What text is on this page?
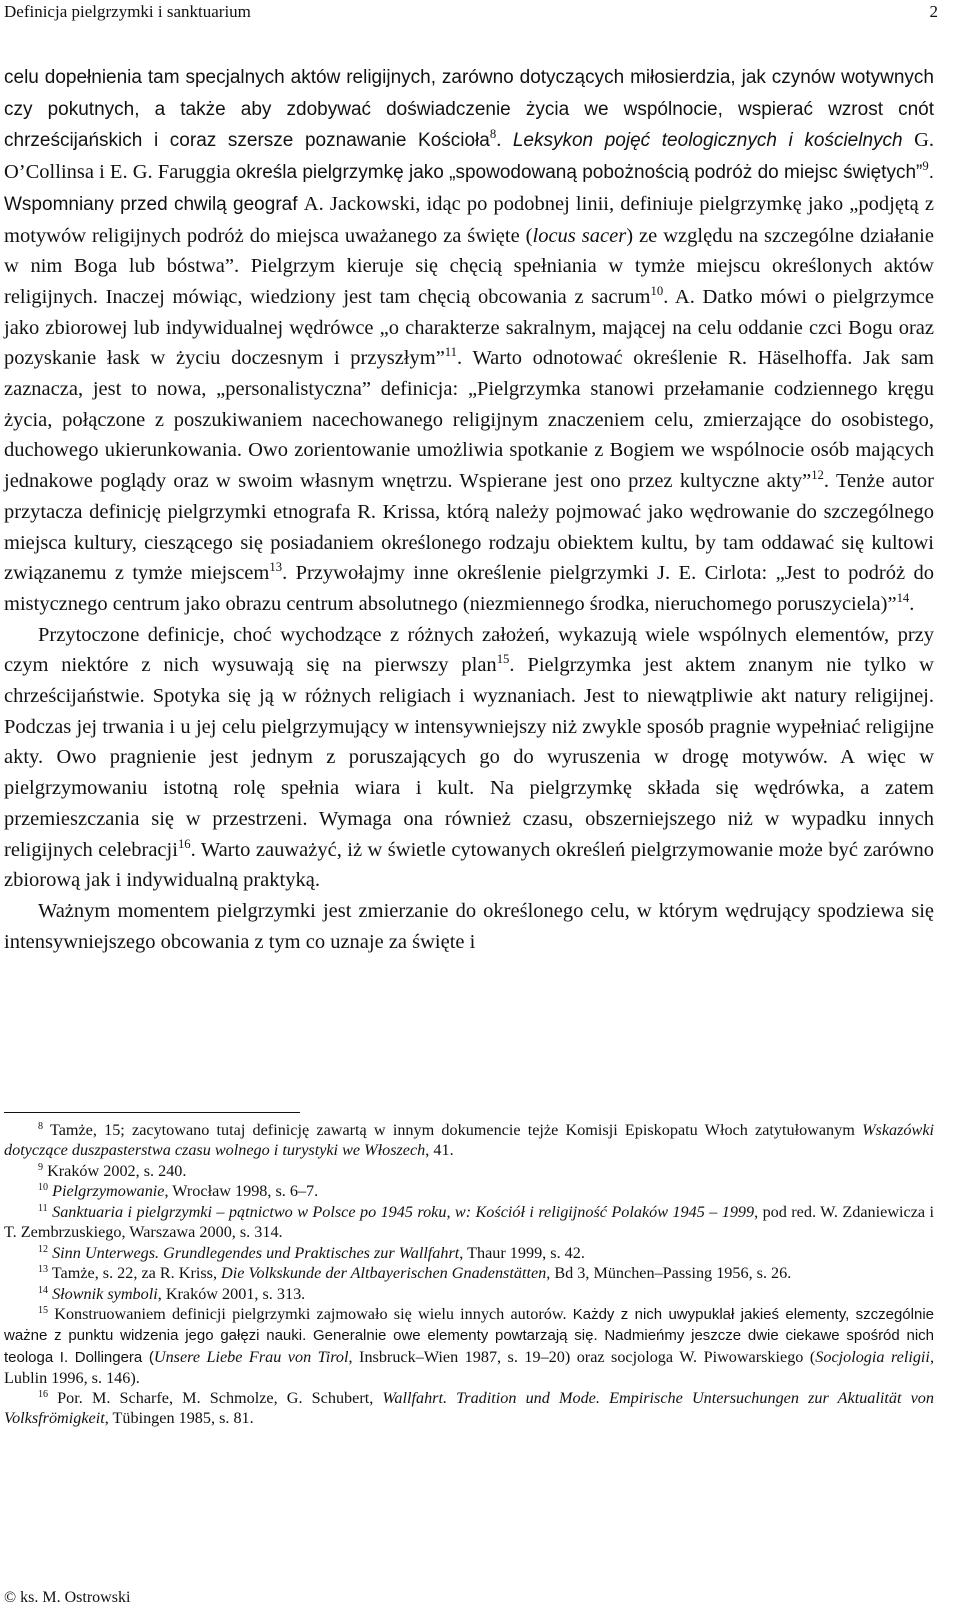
Definicja pielgrzymki i sanktuarium	2

celu dopełnienia tam specjalnych aktów religijnych, zarówno dotyczących miłosierdzia, jak czynów wotywnych czy pokutnych, a także aby zdobywać doświadczenie życia we wspólnocie, wspierać wzrost cnót chrześcijańskich i coraz szersze poznawanie Kościoła$^8$. Leksykon pojęć teologicznych i kościelnych G. O’Collinsa i E. G. Faruggia określa pielgrzymkę jako „spowodowaną pobożnością podróż do miejsc świętych”$^9$. Wspomniany przed chwilą geograf A. Jackowski, idąc po podobnej linii, definiuje pielgrzymkę jako „podjętą z motywów religijnych podróż do miejsca uważanego za święte (locus sacer) ze względu na szczególne działanie w nim Boga lub bóstwa”. Pielgrzym kieruje się chęcią spełniania w tymże miejscu określonych aktów religijnych. Inaczej mówiąc, wiedziony jest tam chęcią obcowania z sacrum$^{10}$. A. Datko mówi o pielgrzymce jako zbiorowej lub indywidualnej wędrówce „o charakterze sakralnym, mającej na celu oddanie czci Bogu oraz pozyskanie łask w życiu doczesnym i przyszłym”$^{11}$. Warto odnotować określenie R. Häselhoffa. Jak sam zaznacza, jest to nowa, „personalistyczna” definicja: „Pielgrzymka stanowi przełamanie codziennego kręgu życia, połączone z poszukiwaniem nacechowanego religijnym znaczeniem celu, zmierzające do osobistego, duchowego ukierunkowania. Owo zorientowanie umożliwia spotkanie z Bogiem we wspólnocie osób mających jednakowe poglądy oraz w swoim własnym wnętrzu. Wspierane jest ono przez kultyczne akty”$^{12}$. Tenże autor przytacza definicję pielgrzymki etnografa R. Krissa, którą należy pojmować jako wędrowanie do szczególnego miejsca kultury, cieszącego się posiadaniem określonego rodzaju obiektem kultu, by tam oddawać się kultowi związanemu z tymże miejscem$^{13}$. Przywołajmy inne określenie pielgrzymki J. E. Cirlota: „Jest to podróż do mistycznego centrum jako obrazu centrum absolutnego (niezmiennego środka, nieruchomego poruszyciela)”$^{14}$.

Przytoczone definicje, choć wychodzące z różnych założeń, wykazują wiele wspólnych elementów, przy czym niektóre z nich wysuwają się na pierwszy plan$^{15}$. Pielgrzymka jest aktem znanym nie tylko w chrześcijaństwie. Spotyka się ją w różnych religiach i wyznaniach. Jest to niewątpliwie akt natury religijnej. Podczas jej trwania i u jej celu pielgrzymujący w intensywniejszy niż zwykle sposób pragnie wypełniać religijne akty. Owo pragnienie jest jednym z poruszających go do wyruszenia w drogę motywów. A więc w pielgrzymowaniu istotną rolę spełnia wiara i kult. Na pielgrzymkę składa się wędrówka, a zatem przemieszczania się w przestrzeni. Wymaga ona również czasu, obszerniejszego niż w wypadku innych religijnych celebracji$^{16}$. Warto zauważyć, iż w świetle cytowanych określeń pielgrzymowanie może być zarówno zbiorową jak i indywidualną praktyką.

Ważnym momentem pielgrzymki jest zmierzanie do określonego celu, w którym wędrujący spodziewa się intensywniejszego obcowania z tym co uznaje za święte i

$^8$ Tamże, 15; zacytowano tutaj definicję zawartą w innym dokumencie tejże Komisji Episkopatu Włoch zatytułowanym Wskazówki dotyczące duszpasterstwa czasu wolnego i turystyki we Włoszech, 41.

$^9$ Kraków 2002, s. 240.

$^{10}$ Pielgrzymowanie, Wrocław 1998, s. 6–7.

$^{11}$ Sanktuaria i pielgrzymki – pątnictwo w Polsce po 1945 roku, w: Kościół i religijność Polaków 1945 – 1999, pod red. W. Zdaniewicza i T. Zembrzuskiego, Warszawa 2000, s. 314.

$^{12}$ Sinn Unterwegs. Grundlegendes und Praktisches zur Wallfahrt, Thaur 1999, s. 42.

$^{13}$ Tamże, s. 22, za R. Kriss, Die Volkskunde der Altbayerischen Gnadenstätten, Bd 3, München–Passing 1956, s. 26.

$^{14}$ Słownik symboli, Kraków 2001, s. 313.

$^{15}$ Konstruowaniem definicji pielgrzymki zajmowało się wielu innych autorów. Każdy z nich uwypuklał jakieś elementy, szczególnie ważne z punktu widzenia jego gałęzi nauki. Generalnie owe elementy powtarzają się. Nadmieńmy jeszcze dwie ciekawe spośród nich teologa I. Dollingera (Unsere Liebe Frau von Tirol, Insbruck–Wien 1987, s. 19–20) oraz socjologa W. Piwowarskiego (Socjologia religii, Lublin 1996, s. 146).

$^{16}$ Por. M. Scharfe, M. Schmolze, G. Schubert, Wallfahrt. Tradition und Mode. Empirische Untersuchungen zur Aktualität von Volksfrömigkeit, Tübingen 1985, s. 81.

© ks. M. Ostrowski
